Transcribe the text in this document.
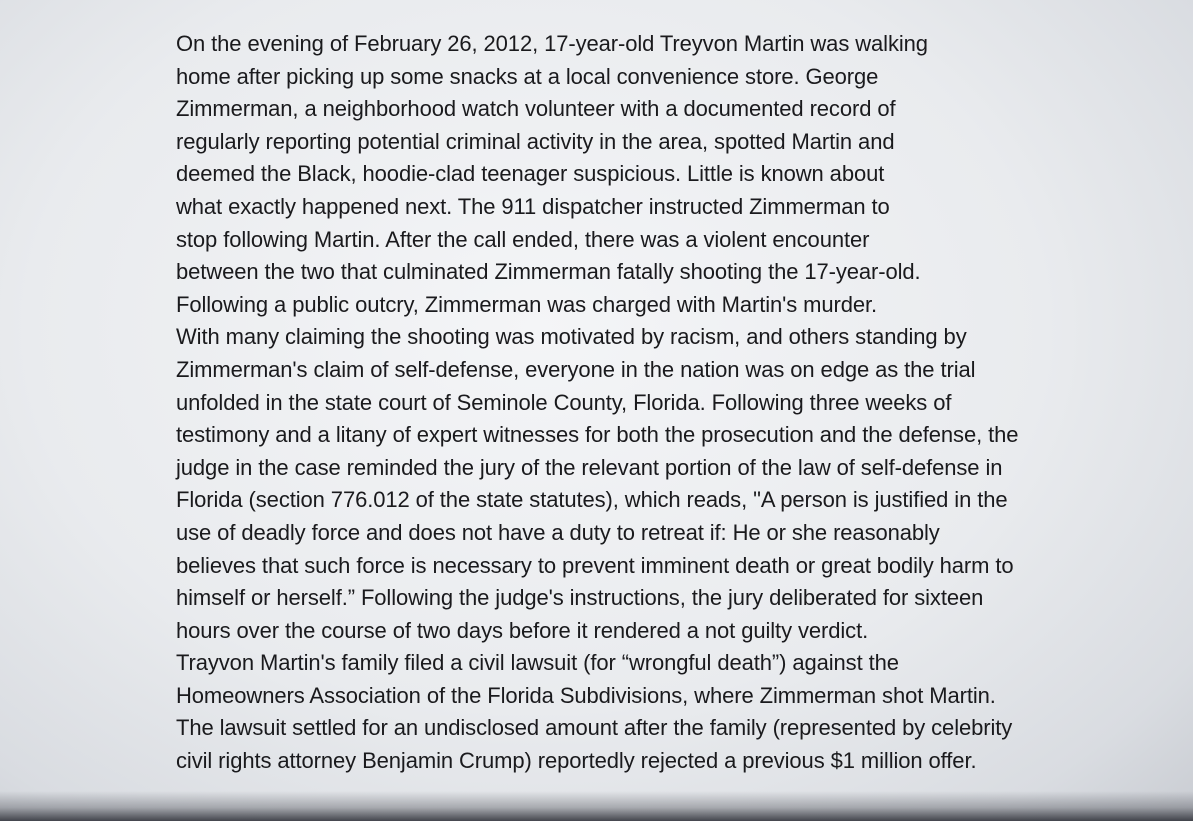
On the evening of February 26, 2012, 17-year-old Treyvon Martin was walking
home after picking up some snacks at a local convenience store. George
Zimmerman, a neighborhood watch volunteer with a documented record of
regularly reporting potential criminal activity in the area, spotted Martin and
deemed the Black, hoodie-clad teenager suspicious. Little is known about
what exactly happened next. The 911 dispatcher instructed Zimmerman to
stop following Martin. After the call ended, there was a violent encounter
between the two that culminated Zimmerman fatally shooting the 17-year-old.
Following a public outcry, Zimmerman was charged with Martin's murder.
With many claiming the shooting was motivated by racism, and others standing by
Zimmerman's claim of self-defense, everyone in the nation was on edge as the trial
unfolded in the state court of Seminole County, Florida. Following three weeks of
testimony and a litany of expert witnesses for both the prosecution and the defense, the
judge in the case reminded the jury of the relevant portion of the law of self-defense in
Florida (section 776.012 of the state statutes), which reads, "A person is justified in the
use of deadly force and does not have a duty to retreat if: He or she reasonably
believes that such force is necessary to prevent imminent death or great bodily harm to
himself or herself.” Following the judge's instructions, the jury deliberated for sixteen
hours over the course of two days before it rendered a not guilty verdict.
Trayvon Martin's family filed a civil lawsuit (for “wrongful death”) against the
Homeowners Association of the Florida Subdivisions, where Zimmerman shot Martin.
The lawsuit settled for an undisclosed amount after the family (represented by celebrity
civil rights attorney Benjamin Crump) reportedly rejected a previous $1 million offer.
